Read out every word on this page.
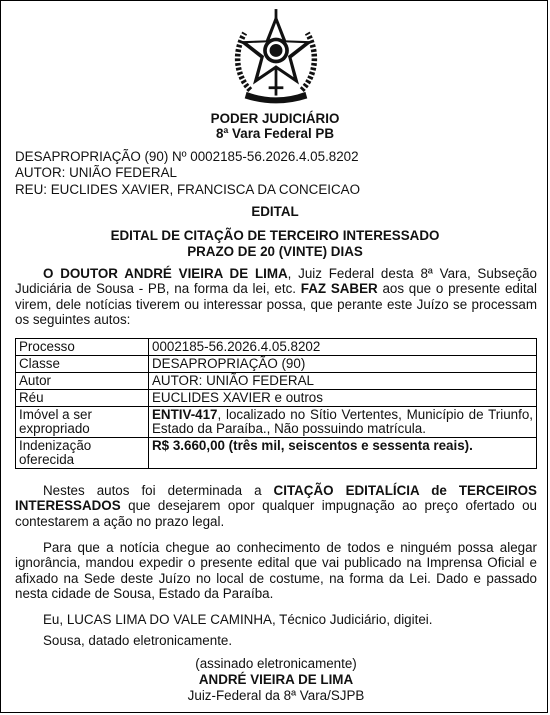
PODER JUDICIÁRIO
8ª Vara Federal PB
DESAPROPRIAÇÃO (90) Nº 0002185-56.2026.4.05.8202
AUTOR: UNIÃO FEDERAL
REU: EUCLIDES XAVIER, FRANCISCA DA CONCEICAO
EDITAL
EDITAL DE CITAÇÃO DE TERCEIRO INTERESSADO
PRAZO DE 20 (VINTE) DIAS
O DOUTOR ANDRÉ VIEIRA DE LIMA, Juiz Federal desta 8ª Vara, Subseção Judiciária de Sousa - PB, na forma da lei, etc. FAZ SABER aos que o presente edital virem, dele notícias tiverem ou interessar possa, que perante este Juízo se processam os seguintes autos:
Processo	0002185-56.2026.4.05.8202
Classe	DESAPROPRIAÇÃO (90)
Autor	AUTOR: UNIÃO FEDERAL
Réu	EUCLIDES XAVIER e outros
Imóvel a ser expropriado	ENTIV-417, localizado no Sítio Vertentes, Município de Triunfo, Estado da Paraíba., Não possuindo matrícula.
Indenização oferecida	R$ 3.660,00 (três mil, seiscentos e sessenta reais).
Nestes autos foi determinada a CITAÇÃO EDITALÍCIA de TERCEIROS INTERESSADOS que desejarem opor qualquer impugnação ao preço ofertado ou contestarem a ação no prazo legal.
Para que a notícia chegue ao conhecimento de todos e ninguém possa alegar ignorância, mandou expedir o presente edital que vai publicado na Imprensa Oficial e afixado na Sede deste Juízo no local de costume, na forma da Lei. Dado e passado nesta cidade de Sousa, Estado da Paraíba.
Eu, LUCAS LIMA DO VALE CAMINHA, Técnico Judiciário, digitei.
Sousa, datado eletronicamente.
(assinado eletronicamente)
ANDRÉ VIEIRA DE LIMA
Juiz-Federal da 8ª Vara/SJPB
